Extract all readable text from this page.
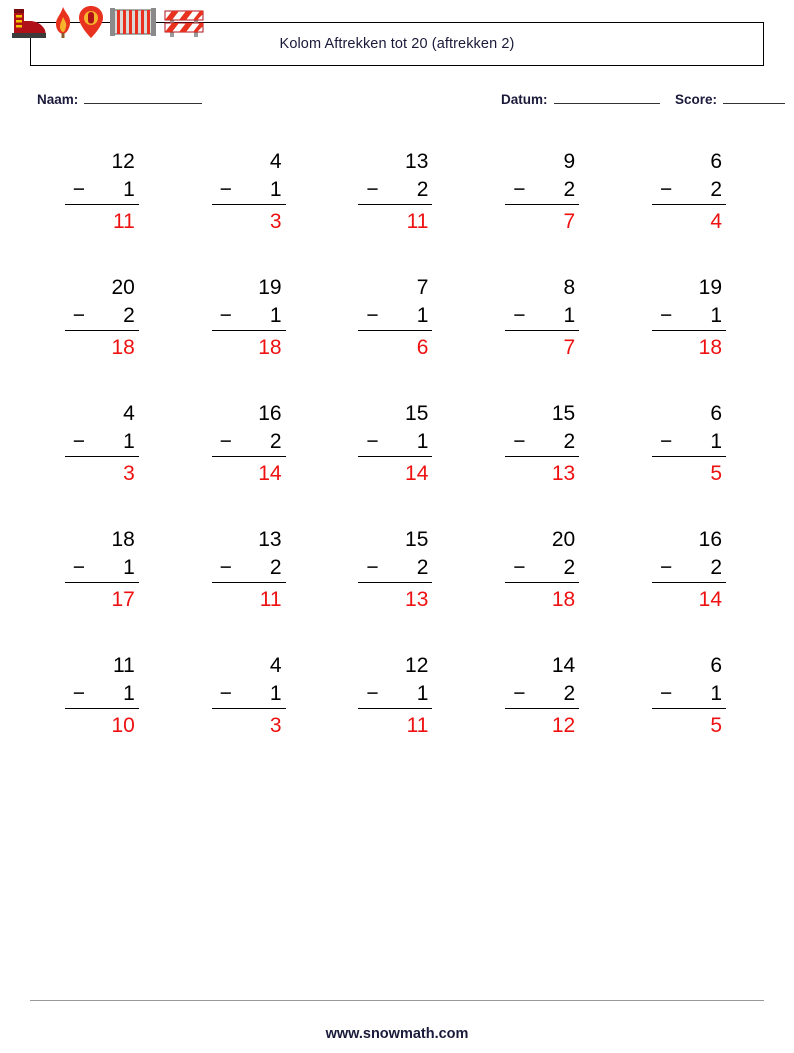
Kolom Aftrekken tot 20 (aftrekken 2)
Naam:	Datum:	Score:
12
− 1
11
4
− 1
3
13
− 2
11
9
− 2
7
6
− 2
4
20
− 2
18
19
− 1
18
7
− 1
6
8
− 1
7
19
− 1
18
4
− 1
3
16
− 2
14
15
− 1
14
15
− 2
13
6
− 1
5
18
− 1
17
13
− 2
11
15
− 2
13
20
− 2
18
16
− 2
14
11
− 1
10
4
− 1
3
12
− 1
11
14
− 2
12
6
− 1
5
www.snowmath.com
